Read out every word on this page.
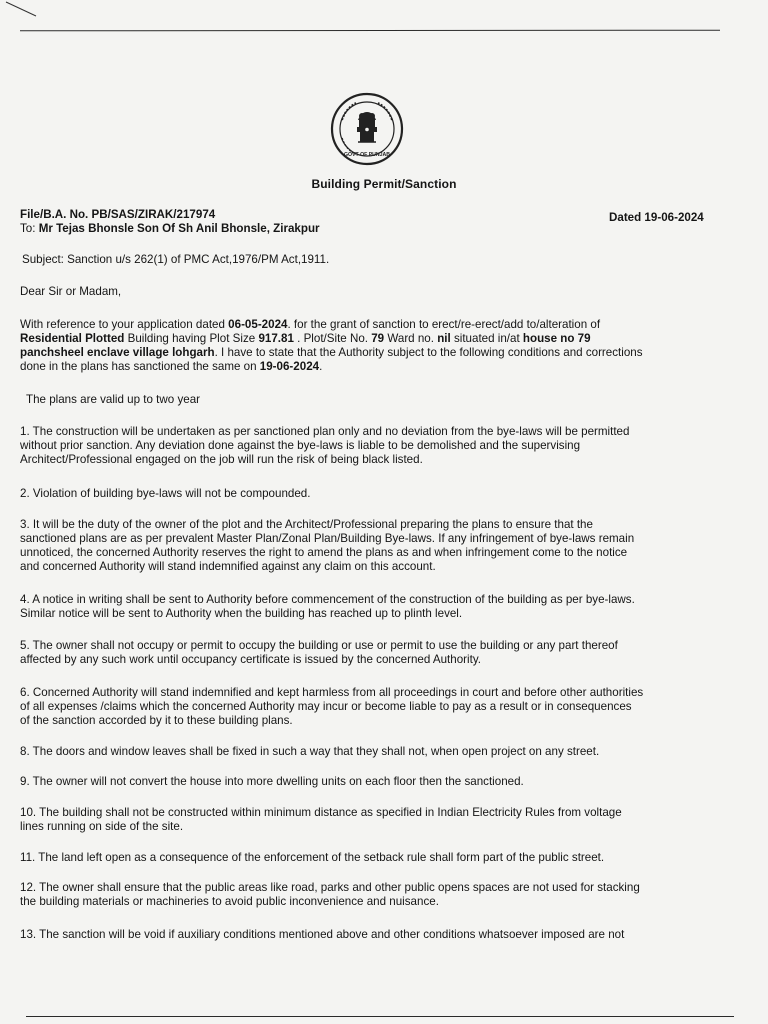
GOVT OF PUNJAB
Building Permit/Sanction
File/B.A. No. PB/SAS/ZIRAK/217974	Dated 19-06-2024
To: Mr Tejas Bhonsle Son Of Sh Anil Bhonsle, Zirakpur
Subject: Sanction u/s 262(1) of PMC Act,1976/PM Act,1911.
Dear Sir or Madam,
With reference to your application dated 06-05-2024. for the grant of sanction to erect/re-erect/add to/alteration of
Residential Plotted Building having Plot Size 917.81 . Plot/Site No. 79 Ward no. nil situated in/at house no 79
panchsheel enclave village lohgarh. I have to state that the Authority subject to the following conditions and corrections
done in the plans has sanctioned the same on 19-06-2024.
The plans are valid up to two year
1. The construction will be undertaken as per sanctioned plan only and no deviation from the bye-laws will be permitted
without prior sanction. Any deviation done against the bye-laws is liable to be demolished and the supervising
Architect/Professional engaged on the job will run the risk of being black listed.
2. Violation of building bye-laws will not be compounded.
3. It will be the duty of the owner of the plot and the Architect/Professional preparing the plans to ensure that the
sanctioned plans are as per prevalent Master Plan/Zonal Plan/Building Bye-laws. If any infringement of bye-laws remain
unnoticed, the concerned Authority reserves the right to amend the plans as and when infringement come to the notice
and concerned Authority will stand indemnified against any claim on this account.
4. A notice in writing shall be sent to Authority before commencement of the construction of the building as per bye-laws.
Similar notice will be sent to Authority when the building has reached up to plinth level.
5. The owner shall not occupy or permit to occupy the building or use or permit to use the building or any part thereof
affected by any such work until occupancy certificate is issued by the concerned Authority.
6. Concerned Authority will stand indemnified and kept harmless from all proceedings in court and before other authorities
of all expenses /claims which the concerned Authority may incur or become liable to pay as a result or in consequences
of the sanction accorded by it to these building plans.
8. The doors and window leaves shall be fixed in such a way that they shall not, when open project on any street.
9. The owner will not convert the house into more dwelling units on each floor then the sanctioned.
10. The building shall not be constructed within minimum distance as specified in Indian Electricity Rules from voltage
lines running on side of the site.
11. The land left open as a consequence of the enforcement of the setback rule shall form part of the public street.
12. The owner shall ensure that the public areas like road, parks and other public opens spaces are not used for stacking
the building materials or machineries to avoid public inconvenience and nuisance.
13. The sanction will be void if auxiliary conditions mentioned above and other conditions whatsoever imposed are not
